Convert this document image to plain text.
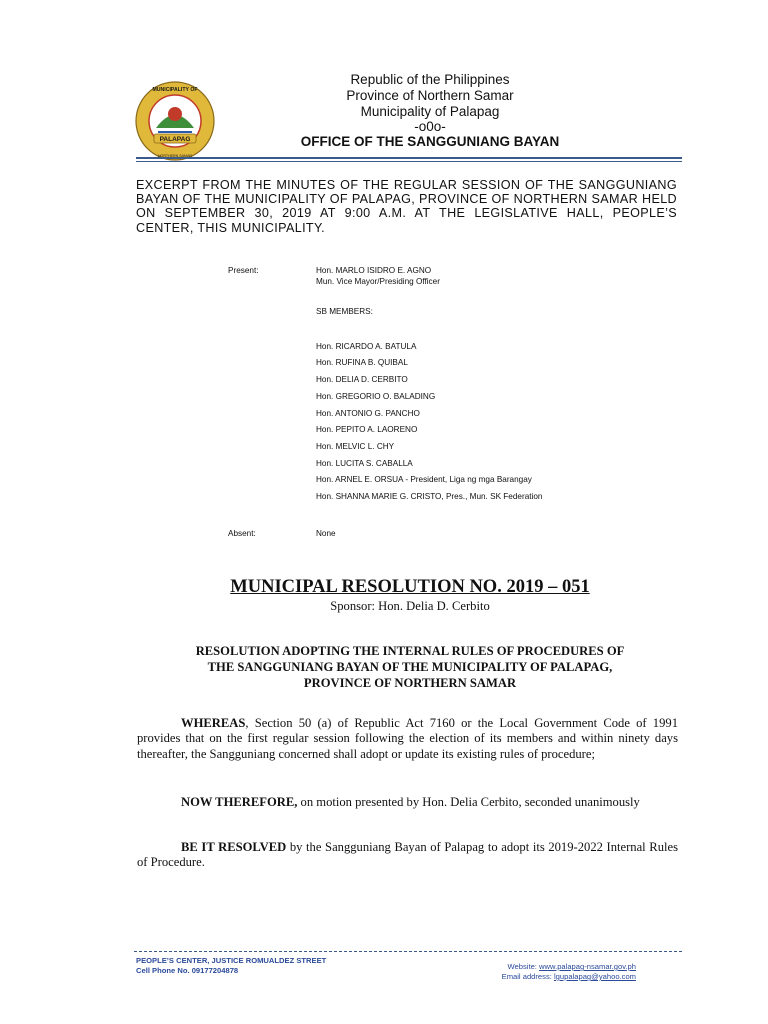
PALAPAG
MUNICIPALITY OF
NORTHERN SAMAR
Republic of the Philippines
Province of Northern Samar
Municipality of Palapag
-o0o-
OFFICE OF THE SANGGUNIANG BAYAN
EXCERPT FROM THE MINUTES OF THE REGULAR SESSION OF THE SANGGUNIANG BAYAN OF THE MUNICIPALITY OF PALAPAG, PROVINCE OF NORTHERN SAMAR HELD ON SEPTEMBER 30, 2019 AT 9:00 A.M. AT THE LEGISLATIVE HALL, PEOPLE’S CENTER, THIS MUNICIPALITY.
Present:	Hon. MARLO ISIDRO E. AGNO
Mun. Vice Mayor/Presiding Officer
SB MEMBERS:
Hon. RICARDO A. BATULA
Hon. RUFINA B. QUIBAL
Hon. DELIA D. CERBITO
Hon. GREGORIO O. BALADING
Hon. ANTONIO G. PANCHO
Hon. PEPITO A. LAORENO
Hon. MELVIC L. CHY
Hon. LUCITA S. CABALLA
Hon. ARNEL E. ORSUA - President, Liga ng mga Barangay
Hon. SHANNA MARIE G. CRISTO, Pres., Mun. SK Federation
Absent:	None
MUNICIPAL RESOLUTION NO. 2019 – 051
Sponsor: Hon. Delia D. Cerbito
RESOLUTION ADOPTING THE INTERNAL RULES OF PROCEDURES OF
THE SANGGUNIANG BAYAN OF THE MUNICIPALITY OF PALAPAG,
PROVINCE OF NORTHERN SAMAR
WHEREAS, Section 50 (a) of Republic Act 7160 or the Local Government Code of 1991 provides that on the first regular session following the election of its members and within ninety days thereafter, the Sangguniang concerned shall adopt or update its existing rules of procedure;
NOW THEREFORE, on motion presented by Hon. Delia Cerbito, seconded unanimously
BE IT RESOLVED by the Sangguniang Bayan of Palapag to adopt its 2019-2022 Internal Rules of Procedure.
PEOPLE’S CENTER, JUSTICE ROMUALDEZ STREET
Cell Phone No. 09177204878	Website: www.palapag-nsamar.gov.ph
Email address: lgupalapag@yahoo.com
